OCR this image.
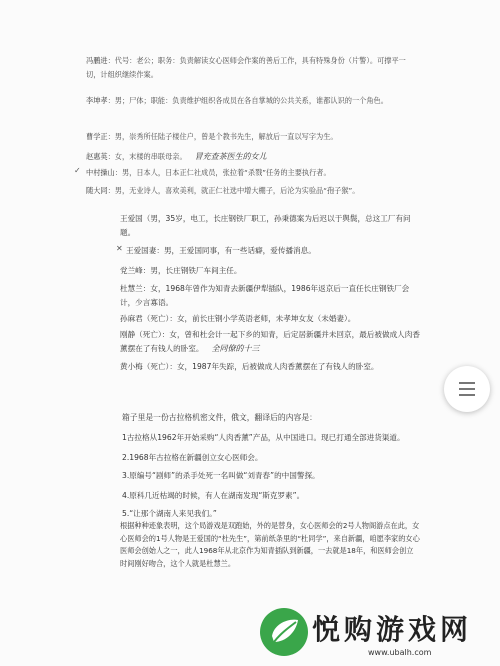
冯鹏进：代号：老公；职务：负责解读女心医师会作案的善后工作，具有特殊身份（片警）。可撑平一切，计组织继续作案。
李坤孝：男；尸体；职能：负责维护组织各成员在各自掌城的公共关系，谁都认识的一个角色。
曹学正：男，崇秀所任陆子楼住户，曾是个教书先生，解放后一直以写字为生。
赵惠英：女，末楼的串联母亲。 冒充查茶医生的女儿
✓ 中村操山：男，日本人，日本正仁社成员，张拉着“杀戮”任务的主要执行者。
随大同：男，无业诗人，喜欢美利，就正仁社选中增大棚子，后沦为实验品“孢子猴”。
王爱国（男，35岁，电工，长庄钢铁厂职工，孙秉德案为后迟以于舆鬓，总这工厂有问题。
✕ 王爱国妻：男，王爱国同事，有一些话癖，爱传播消息。
党兰峰：男，长庄钢铁厂车间主任。
杜慧兰：女，1968年曾作为知青去新疆伊犁插队，1986年返京后一直任长庄钢铁厂会计，少言寡语。
孙麻君（死亡）：女，前长庄钢小学英语老师，未孝坤女友（未婚妻）。
刚静（死亡）：女，曾和杜会计一起下乡的知青，后定居新疆并未回京，最后被做成人肉香薰摆在了有钱人的卧室。 全同僚的十三
黄小梅（死亡）：女，1987年失踪，后被做成人肉香薰摆在了有钱人的卧室。
箱子里是一份古拉格机密文件，俄文，翻译后的内容是：
1古拉格从1962年开始采购“人肉香薰”产品，从中国进口。现已打通全部进货渠道。
2.1968年古拉格在新疆创立女心医师会。
3.原编号“剧师”的杀手处死一名叫做“刘青春”的中国警探。
4.原科几近枯竭的时候，有人在湖南发现“斯克罗素”。
5.“让那个湖南人来见我们。”
根据种种迹象表明，这个局游戏是双跑始，外的是替身，女心医师会的2号人物阁游点在此，女心医师会的1号人物是王爱国的“杜先生”，第前纸条里的“杜同学”，来自新疆，咱愿李家的女心医师会创始人之一，此人1968年从北京作为知青插队到新疆，一去就是18年，和医师会创立时间刚好吻合，这个人就是杜慧兰。
悦购游戏网
www.ubalh.com
